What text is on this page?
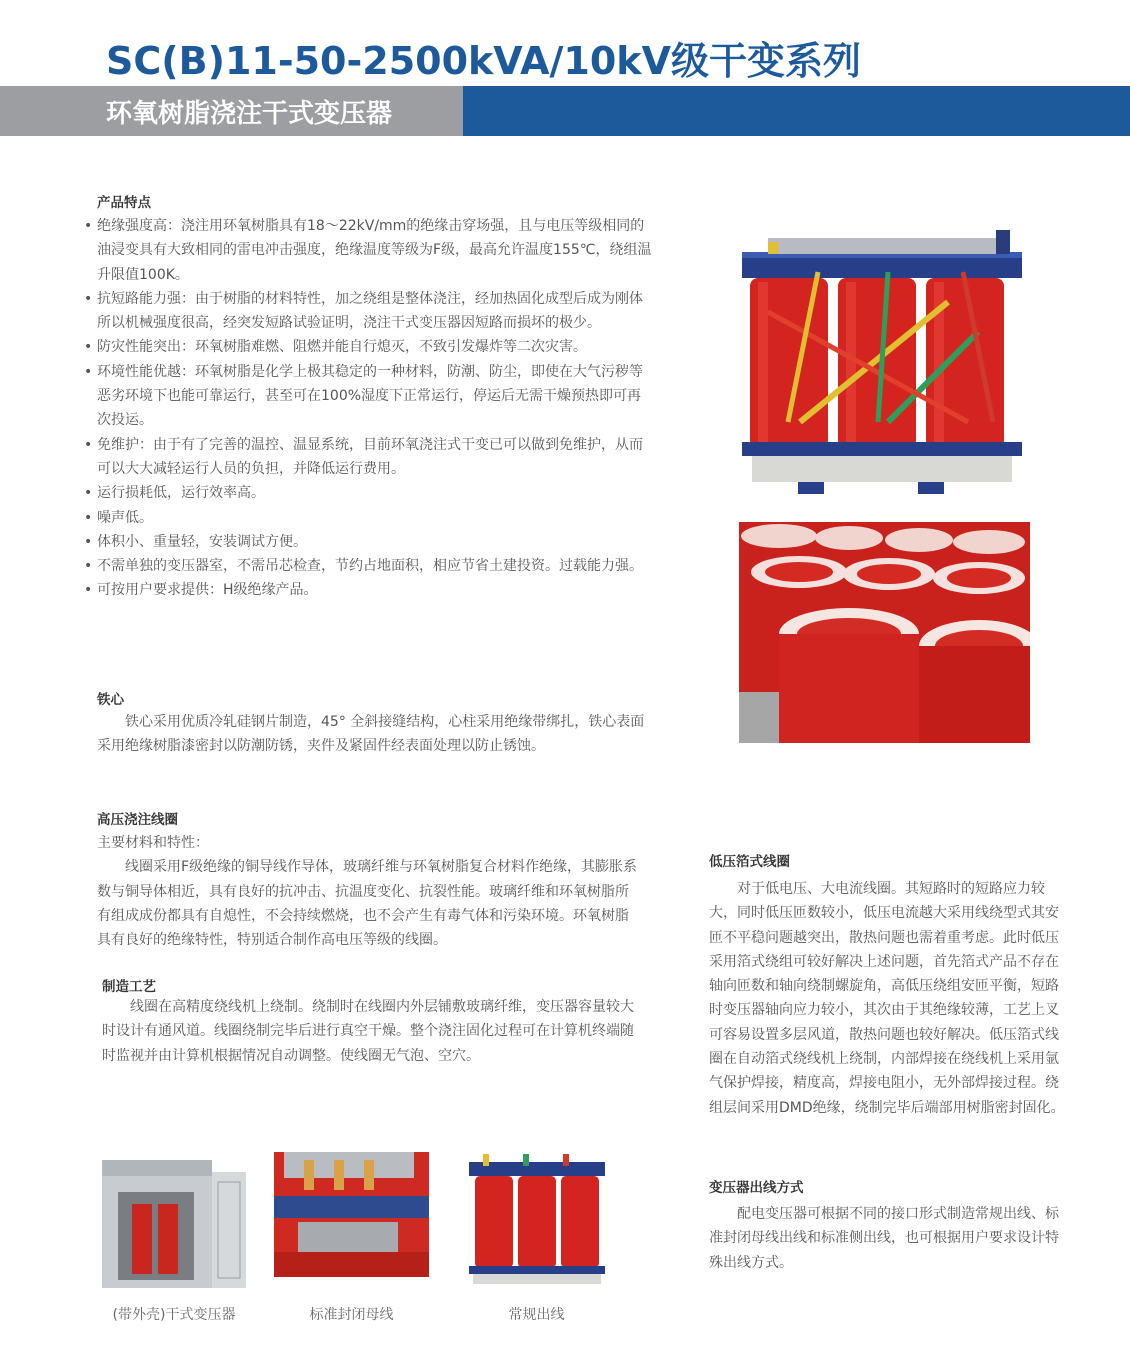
SC(B)11-50-2500kVA/10kV级干变系列
环氧树脂浇注干式变压器
产品特点
• 绝缘强度高：浇注用环氧树脂具有18～22kV/mm的绝缘击穿场强，且与电压等级相同的油浸变具有大致相同的雷电冲击强度，绝缘温度等级为F级，最高允许温度155℃，绕组温升限值100K。
• 抗短路能力强：由于树脂的材料特性，加之绕组是整体浇注，经加热固化成型后成为刚体所以机械强度很高，经突发短路试验证明，浇注干式变压器因短路而损坏的极少。
• 防灾性能突出：环氧树脂难燃、阻燃并能自行熄灭，不致引发爆炸等二次灾害。
• 环境性能优越：环氧树脂是化学上极其稳定的一种材料，防潮、防尘，即使在大气污秽等恶劣环境下也能可靠运行，甚至可在100%湿度下正常运行，停运后无需干燥预热即可再次投运。
• 免维护：由于有了完善的温控、温显系统，目前环氧浇注式干变已可以做到免维护，从而可以大大减轻运行人员的负担，并降低运行费用。
• 运行损耗低，运行效率高。
• 噪声低。
• 体积小、重量轻，安装调试方便。
• 不需单独的变压器室，不需吊芯检查，节约占地面积，相应节省土建投资。过载能力强。
• 可按用户要求提供：H级绝缘产品。
铁心

铁心采用优质冷轧硅钢片制造，45° 全斜接缝结构，心柱采用绝缘带绑扎，铁心表面采用绝缘树脂漆密封以防潮防锈，夹件及紧固件经表面处理以防止锈蚀。

高压浇注线圈

主要材料和特性：

线圈采用F级绝缘的铜导线作导体，玻璃纤维与环氧树脂复合材料作绝缘，其膨胀系数与铜导体相近，具有良好的抗冲击、抗温度变化、抗裂性能。玻璃纤维和环氧树脂所有组成成份都具有自熄性，不会持续燃烧，也不会产生有毒气体和污染环境。环氧树脂具有良好的绝缘特性，特别适合制作高电压等级的线圈。

制造工艺

线圈在高精度绕线机上绕制。绕制时在线圈内外层铺敷玻璃纤维，变压器容量较大时设计有通风道。线圈绕制完毕后进行真空干燥。整个浇注固化过程可在计算机终端随时监视并由计算机根据情况自动调整。使线圈无气泡、空穴。

低压箔式线圈

对于低电压、大电流线圈。其短路时的短路应力较大，同时低压匝数较小，低压电流越大采用线绕型式其安匝不平稳问题越突出，散热问题也需着重考虑。此时低压采用箔式绕组可较好解决上述问题，首先箔式产品不存在轴向匝数和轴向绕制螺旋角，高低压绕组安匝平衡，短路时变压器轴向应力较小，其次由于其绝缘较薄，工艺上叉可容易设置多层风道，散热问题也较好解决。低压箔式线圈在自动箔式绕线机上绕制，内部焊接在绕线机上采用氩气保护焊接，精度高，焊接电阻小，无外部焊接过程。绕组层间采用DMD绝缘，绕制完毕后端部用树脂密封固化。

变压器出线方式

配电变压器可根据不同的接口形式制造常规出线、标准封闭母线出线和标准侧出线，也可根据用户要求设计特殊出线方式。

(带外壳)干式变压器	标准封闭母线	常规出线
